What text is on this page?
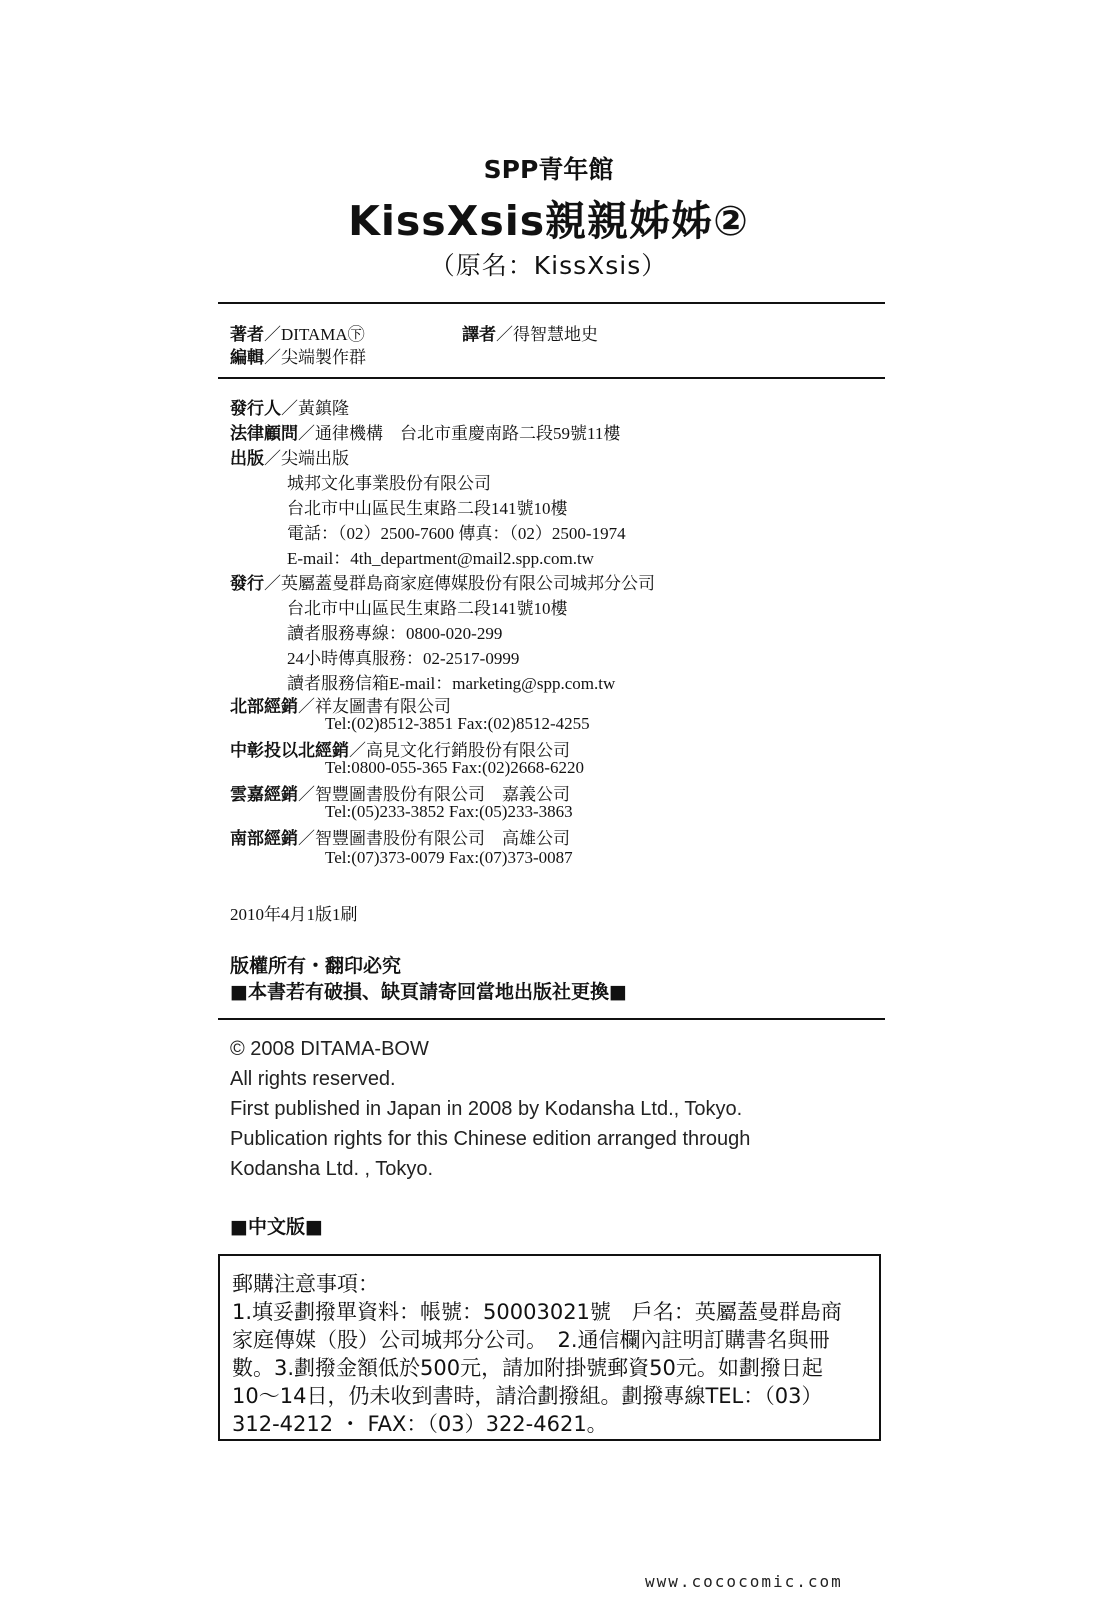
SPP青年館
KissXsis親親姊姊②
（原名：KissXsis）
著者／DITAMA㊦	譯者／得智慧地史
編輯／尖端製作群
發行人／黃鎮隆
法律顧問／通律機構　台北市重慶南路二段59號11樓
出版／尖端出版
城邦文化事業股份有限公司
台北市中山區民生東路二段141號10樓
電話：（02）2500-7600 傳真：（02）2500-1974
E-mail：4th_department@mail2.spp.com.tw
發行／英屬蓋曼群島商家庭傳媒股份有限公司城邦分公司
台北市中山區民生東路二段141號10樓
讀者服務專線：0800-020-299
24小時傳真服務：02-2517-0999
讀者服務信箱E-mail：marketing@spp.com.tw
北部經銷／祥友圖書有限公司
Tel:(02)8512-3851 Fax:(02)8512-4255
中彰投以北經銷／高見文化行銷股份有限公司
Tel:0800-055-365 Fax:(02)2668-6220
雲嘉經銷／智豐圖書股份有限公司　嘉義公司
Tel:(05)233-3852 Fax:(05)233-3863
南部經銷／智豐圖書股份有限公司　高雄公司
Tel:(07)373-0079 Fax:(07)373-0087
2010年4月1版1刷
版權所有・翻印必究
■本書若有破損、缺頁請寄回當地出版社更換■
© 2008 DITAMA-BOW
All rights reserved.
First published in Japan in 2008 by Kodansha Ltd., Tokyo.
Publication rights for this Chinese edition arranged through
Kodansha Ltd. , Tokyo.
■中文版■
郵購注意事項：
1.填妥劃撥單資料：帳號：50003021號　戶名：英屬蓋曼群島商
家庭傳媒（股）公司城邦分公司。　2.通信欄內註明訂購書名與冊
數。3.劃撥金額低於500元，請加附掛號郵資50元。如劃撥日起
10～14日，仍未收到書時，請洽劃撥組。劃撥專線TEL：（03）
312-4212 ・ FAX：（03）322-4621。
www.cococomic.com
